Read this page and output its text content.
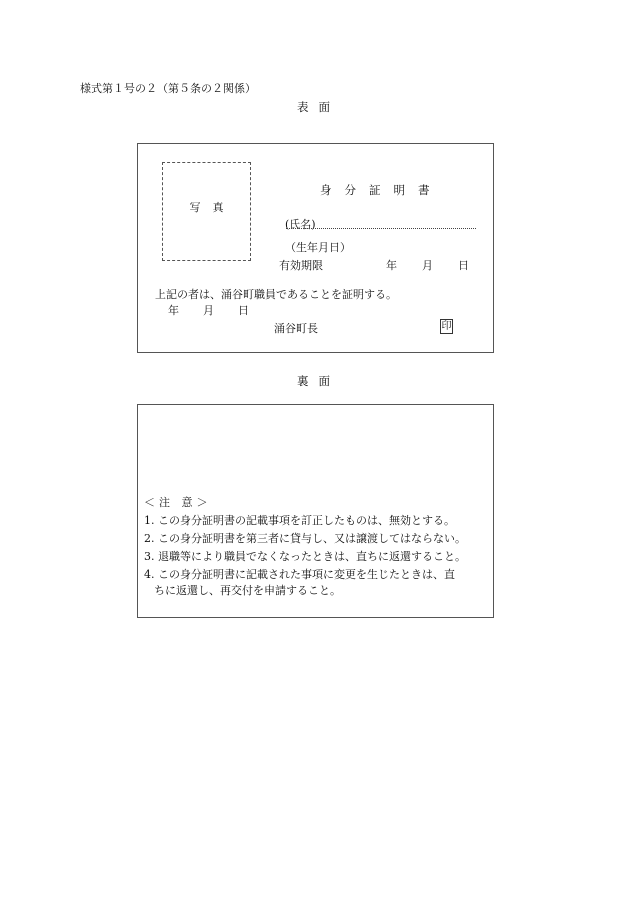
様式第１号の２（第５条の２関係）
表面
写真
身分証明書
(氏名)
（生年月日）
有効期限	年 月 日
上記の者は、涌谷町職員であることを証明する。
年 月 日
涌谷町長	印
裏面
＜注 意＞
1. この身分証明書の記載事項を訂正したものは、無効とする。
2. この身分証明書を第三者に貸与し、又は譲渡してはならない。
3. 退職等により職員でなくなったときは、直ちに返還すること。
4. この身分証明書に記載された事項に変更を生じたときは、直
ちに返還し、再交付を申請すること。
